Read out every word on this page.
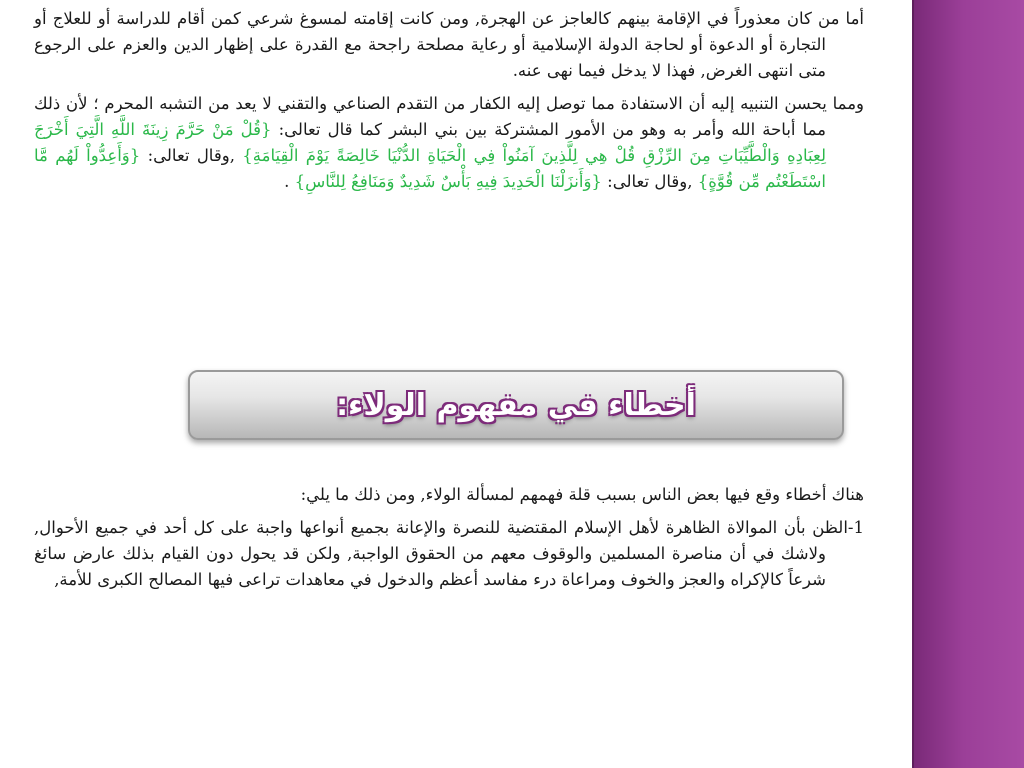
أما من كان معذوراً في الإقامة بينهم كالعاجز عن الهجرة, ومن كانت إقامته لمسوغ شرعي كمن أقام للدراسة أو للعلاج أو التجارة أو الدعوة أو لحاجة الدولة الإسلامية أو رعاية مصلحة راجحة مع القدرة على إظهار الدين والعزم على الرجوع متى انتهى الغرض, فهذا لا يدخل فيما نهى عنه.

ومما يحسن التنبيه إليه أن الاستفادة مما توصل إليه الكفار من التقدم الصناعي والتقني لا يعد من التشبه المحرم ؛ لأن ذلك مما أباحة الله وأمر به وهو من الأمور المشتركة بين بني البشر كما قال تعالى: {قُلْ مَنْ حَرَّمَ زِينَةَ اللَّهِ الَّتِيَ أَخْرَجَ لِعِبَادِهِ وَالْطَّيِّبَاتِ مِنَ الرِّزْقِ قُلْ هِي لِلَّذِينَ آمَنُواْ فِي الْحَيَاةِ الدُّنْيَا خَالِصَةً يَوْمَ الْقِيَامَةِ} ,وقال تعالى: {وَأَعِدُّواْ لَهُم مَّا اسْتَطَعْتُم مِّن قُوَّةٍ} ,وقال تعالى: {وَأَنزَلْنَا الْحَدِيدَ فِيهِ بَأْسٌ شَدِيدٌ وَمَنَافِعُ لِلنَّاسِ} .

أخطاء في مفهوم الولاء:

هناك أخطاء وقع فيها بعض الناس بسبب قلة فهمهم لمسألة الولاء, ومن ذلك ما يلي:

1-الظن بأن الموالاة الظاهرة لأهل الإسلام المقتضية للنصرة والإعانة بجميع أنواعها واجبة على كل أحد في جميع الأحوال, ولاشك في أن مناصرة المسلمين والوقوف معهم من الحقوق الواجبة, ولكن قد يحول دون القيام بذلك عارض سائغ شرعاً كالإكراه والعجز والخوف ومراعاة درء مفاسد أعظم والدخول في معاهدات تراعى فيها المصالح الكبرى للأمة,
